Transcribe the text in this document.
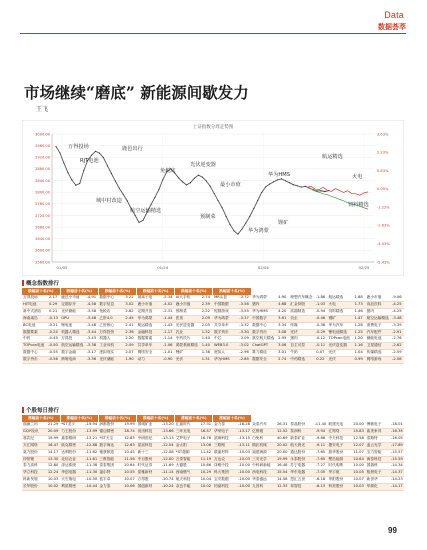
Data
数据荟萃
市场继续“磨底” 新能源间歇发力
王飞
上证指数分周走势图
3000.00
2960.00
2920.00
2880.00
2840.00
2800.00
2760.00
2720.00
2680.00
2640.00
2600.00
2560.00
3.63%
2.23%
0.83%
0.00%
-1.22%
-2.63%
-4.03%
-5.43%
01/05	01/24	02/04	02/25
万得投场
RJT电池
鹿邑出行
免税店
光伏逆变器
最小市值
华为HMS
航运精选
火电
城中村改造
航空运输精选
预制菜
华为鸿蒙
锂矿
饲料精选
概念指数排行
跌幅前十名(%)		跌幅前十名(%)		跌幅前十名(%)		跌幅前十名(%)		跌幅前十名(%)		跌幅前十名(%)									
万得投场	2.17	鹿邑小市值	-4.91	数据中心	3.22	钠离子电	-5.34	Ai大手机	2.74	MR头显	-3.72	华为鸿蒙	4.90	理想汽车概念	-1.86	航运精选	1.88	鹿小市值	-9.06
HJT电池	0.29	定期存开	-4.58	数字信息	3.02	鹿小市值	-4.02	鹿小市值	2.39	中国数据	-3.58	猪肉	4.68	汇金持股	-1.03	火电	1.73	食品饮料	-4.25
新中式酒店	0.21	光伏储能	-3.58	免税店	2.82	定期开放	-2.31	预制菜	2.22	短剧游戏	-3.55	华为HMS	4.20	高端制造	-0.94	饲料精选	1.46	猪肉	-4.25
海南离岛	-0.13	GPU	-3.48	乙肝4.0	2.45	华为鸿蒙	-1.44	医美	2.09	华为鸿蒙	-3.37	中国数字	3.61	央企	-0.46	钢矿	1.47	航空运输精选	-3.48
BC电池	-0.21	锂电池	-3.48	乙肝核心	2.41	航运精选	-1.43	光伏逆变器	2.05	共享单车	-3.32	数据中心	3.34	传媒	-0.38	华为汽车	1.28	消费电子	-3.39
数据要素	-0.24	机器人精选	-3.44	万得投资	2.36	金融科技	-1.17	乳业	1.52	数字货币	-3.30	数字货币	3.08	光伏	-0.29	锂电池精选	1.25	汽车配件	-2.91
中药	-0.45	万得投	-3.43	机器人	2.20	数据要素	-1.14	中药饮片	1.40	中芯	-3.09	航空航天精选	2.95	猪肉	-0.12	TOPcon电池	1.20	储能电池	-2.76
TOPcon电池	-0.50	航空运输精选	-3.38	工业母机	2.09	共享单车	-1.06	鸿蒙系统精选	1.40	WEB3.0	-3.02	ChatGPT	3.06	自主可控	-0.11	光伏逆变器	1.16	卫星通信	-2.62
数据中心	-0.55	数字金融	-3.17	虚拟现实	2.07	网络安全	-1.01	锂矿	1.38	虚拟人	-2.96	算力精选	3.01	牛奶	0.07	光伏	1.04	传媒精选	-2.59
数字货币	-0.56	跨境电商	-3.36	光伏储能	1.90	动力	-0.90	光伏	1.31	华为HMS	-2.85	数据安全	2.74	中药精选	0.22	光伏	0.99	网络游戏	-2.58
个股每日排行
涨幅前十名(%)		涨幅前十名(%)		涨幅前十名(%)		涨幅前十名(%)		涨幅前十名(%)		涨幅前十名(%)									
瑞浦兰钧	21.29	*ST龙宇	-19.94	润都股份	19.99	国城矿业	-13.20	汇嘉时代	17.31	金力泰	-18.28	众泰汽车	26.31	泰晶股份	-11.40	联建光电	20.00	博敏电子	-18.01
GQY视讯	20.09	力王股份	-13.99	德迈精密	18.74	视讯科技	-13.66	三环光电	16.57	华荣电子	-13.17	亿维雅	12.52	泰润科	-9.94	汇网络	15.83	曲美家具	-16.35
寒武纪	19.99	嘉泰精研	-13.21	*ST天宝	12.83	中研世纪	-13.13	艾罗电子	16.76	滨海科技	-13.15	白兔科	40.69	新泰矿业	-9.86	中天科技	12.58	泰斯特	-16.05
天汇网络	16.47	欧克精密	-12.88	数字海达	12.63	星宸科技	-12.54	金太阳	13.06	三路网	-13.11	精匠机械	20.02	航天晨光	-9.11	捷安电子	12.07	凌云光学	-17.89
莫力股份	14.17	达利股份	-11.82	雅康制造	10.45	新十三	-12.08	*ST超频	11.42	联嘉材料	-10.03	福建海源	20.00	通达股份	-7.65	振华股份	11.07	宝力智能	-15.57
仲恒锂	13.30	北信农业	-11.61	三维智能	11.56	中百股份	-12.00	万泰智能	11.19	万达农	-10.03	三安光学	19.99	永泰股份	-7.65	鹭岛能源	10.64	海泰科技	-15.59
泰力高科	12.80	泽达系统	-11.38	泰泰集团	10.64	时代证券	-11.69	大德股	10.66	泽雅中技	-10.00	中科研新能	16.48	苏宁电器	-7.27	时代明珠	10.00	国瑞科	-14.34
华立科技	12.24	华创电器	-11.30	福尔特	10.55	星雅新材	-11.14	西南燃气	10.29	科大集团	-10.00	西电科技	15.54	华东电器	-7.05	华宇航	10.05	格晨电子	-14.37
科新发展	10.03	天宏瑞电	-10.50	蓝宇卓	10.07	万得股	-10.74	航天科技	10.04	宝安数据	-10.00	华泰盛远	14.58	思汇五世	-6.18	华阳股份	10.07	新世华	-14.23
长华股份	10.02	利星精密	-10.44	金力泰	10.06	国创新材	-10.24	双良节能	10.02	钧晶科技	-10.00	九昌科	12.33	邦智技	-6.13	科美股份	10.03	华源化	-14.17
99
